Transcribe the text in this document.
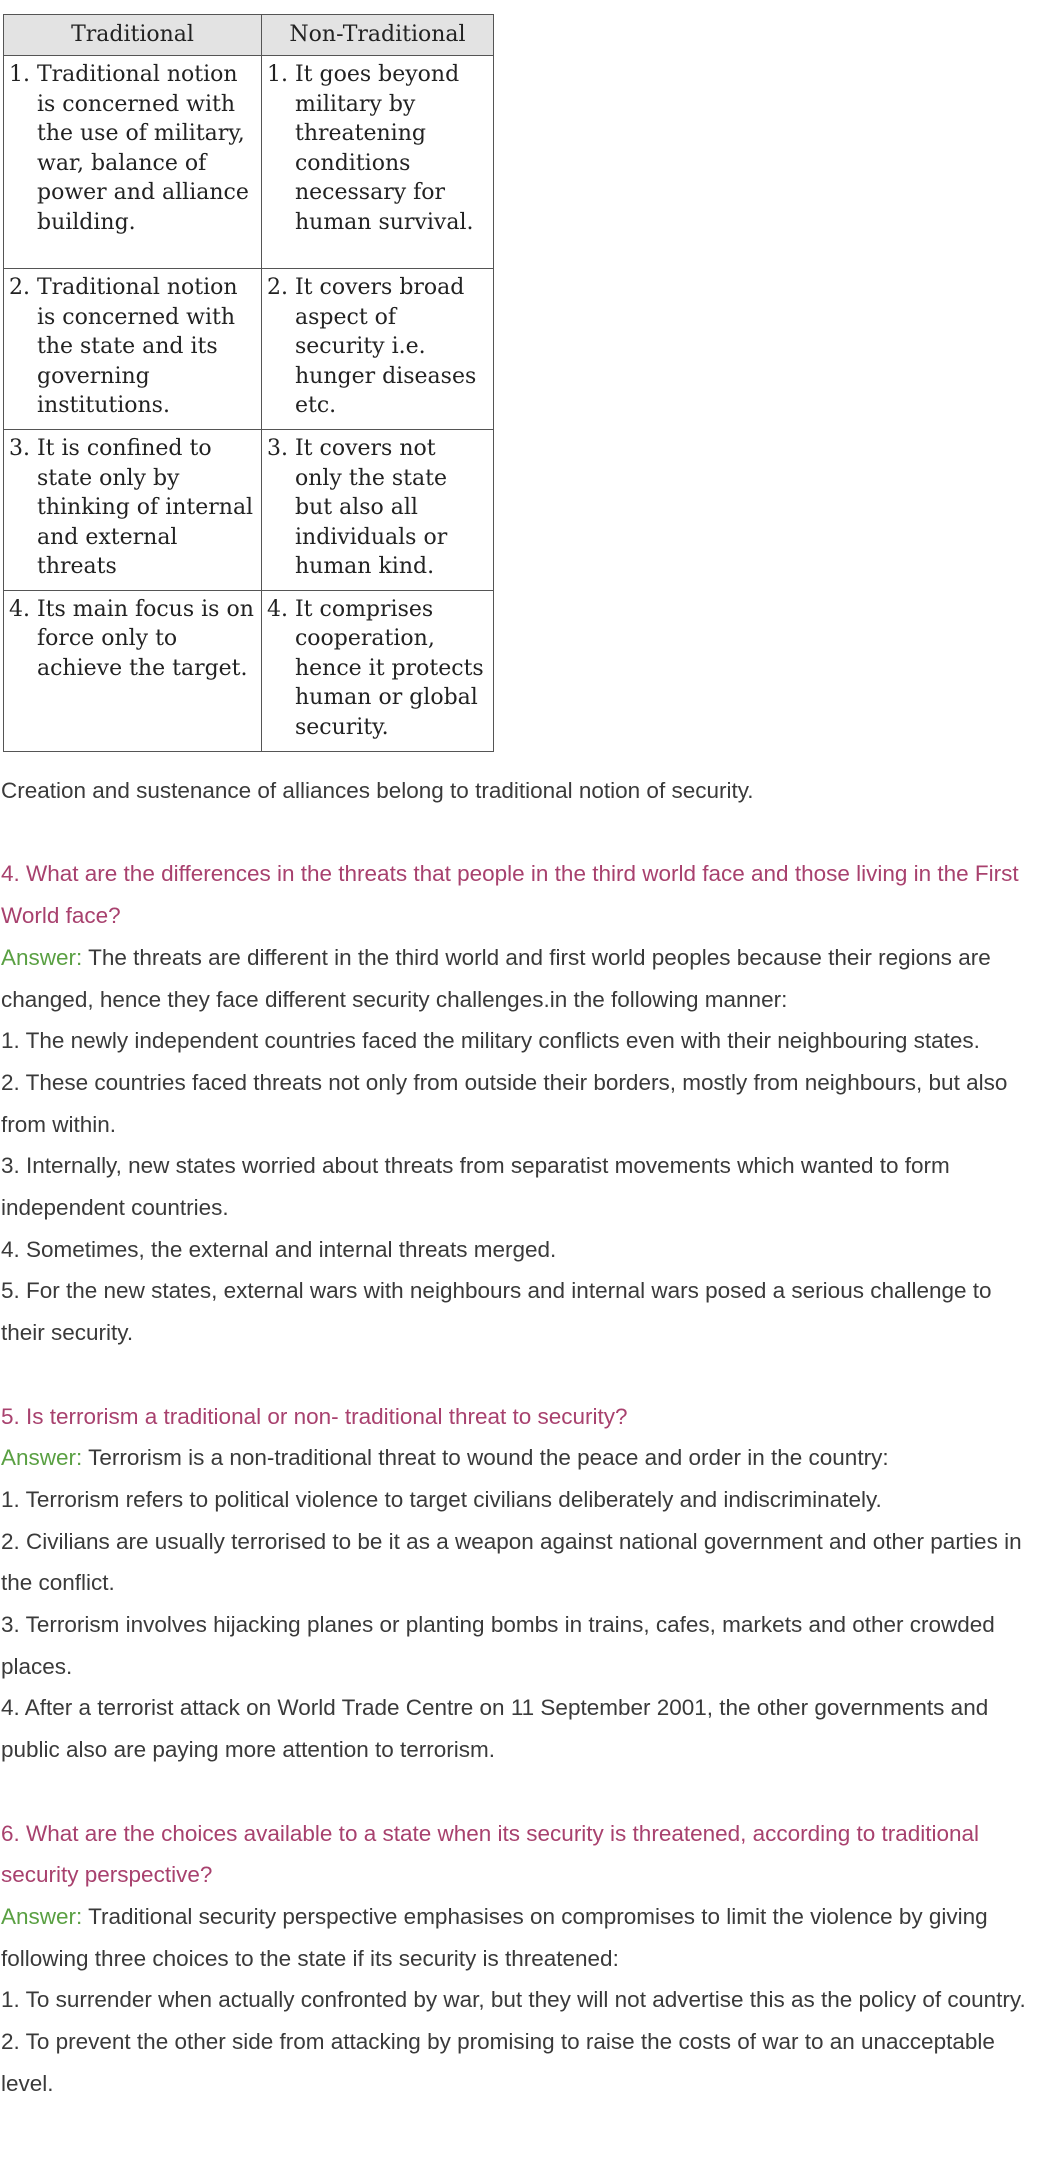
Traditional	Non-Traditional

1. Traditional notion is concerned with the use of military, war, balance of power and alliance building.	1. It goes beyond military by threatening conditions necessary for human survival.

2. Traditional notion is concerned with the state and its governing institutions.	2. It covers broad aspect of security i.e. hunger diseases etc.

3. It is confined to state only by thinking of internal and external threats	3. It covers not only the state but also all individuals or human kind.

4. Its main focus is on force only to achieve the target.	4. It comprises cooperation, hence it protects human or global security.

Creation and sustenance of alliances belong to traditional notion of security.

4. What are the differences in the threats that people in the third world face and those living in the First World face?

Answer: The threats are different in the third world and first world peoples because their regions are changed, hence they face different security challenges.in the following manner:

1. The newly independent countries faced the military conflicts even with their neighbouring states.

2. These countries faced threats not only from outside their borders, mostly from neighbours, but also from within.

3. Internally, new states worried about threats from separatist movements which wanted to form independent countries.

4. Sometimes, the external and internal threats merged.

5. For the new states, external wars with neighbours and internal wars posed a serious challenge to their security.

5. Is terrorism a traditional or non- traditional threat to security?

Answer: Terrorism is a non-traditional threat to wound the peace and order in the country:

1. Terrorism refers to political violence to target civilians deliberately and indiscriminately.

2. Civilians are usually terrorised to be it as a weapon against national government and other parties in the conflict.

3. Terrorism involves hijacking planes or planting bombs in trains, cafes, markets and other crowded places.

4. After a terrorist attack on World Trade Centre on 11 September 2001, the other governments and public also are paying more attention to terrorism.

6. What are the choices available to a state when its security is threatened, according to traditional security perspective?

Answer: Traditional security perspective emphasises on compromises to limit the violence by giving following three choices to the state if its security is threatened:

1. To surrender when actually confronted by war, but they will not advertise this as the policy of country.

2. To prevent the other side from attacking by promising to raise the costs of war to an unacceptable level.
